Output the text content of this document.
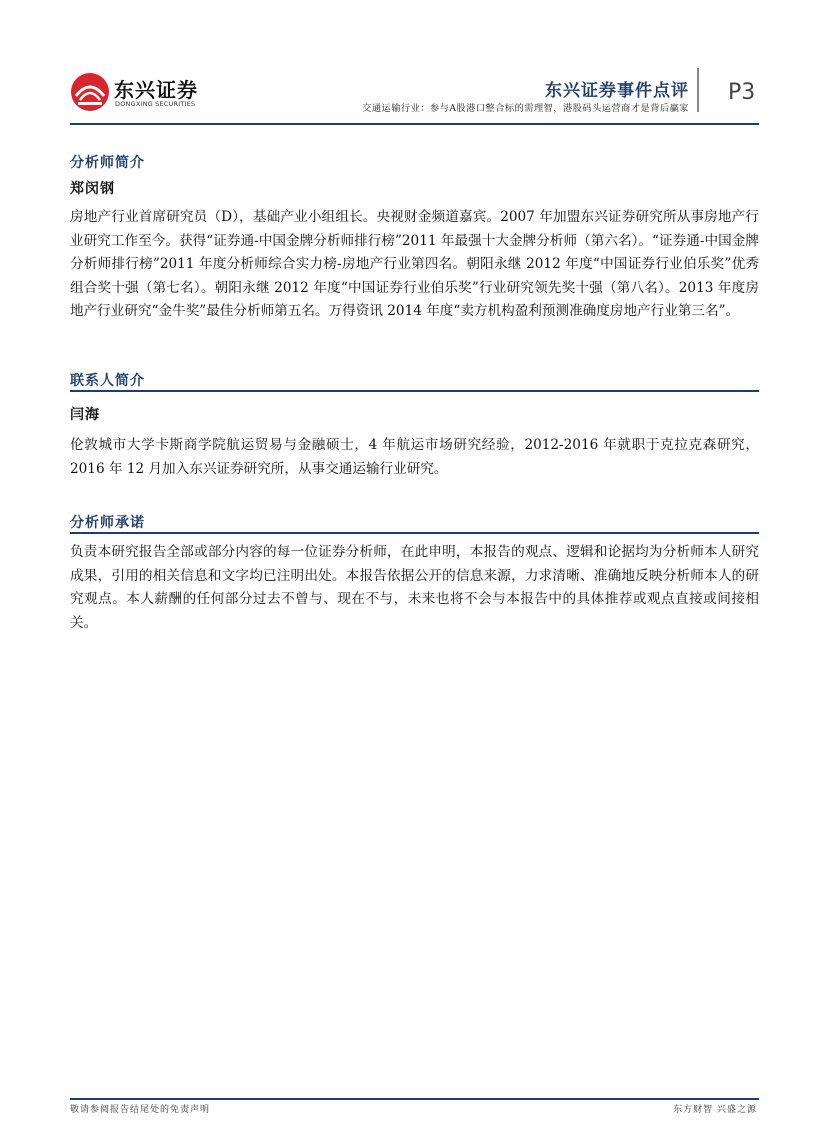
东兴证券
DONGXING SECURITIES
东兴证券事件点评
交通运输行业：参与A股港口整合标的需理智，港股码头运营商才是背后赢家
P3
分析师简介
郑闵钢
房地产行业首席研究员（D），基础产业小组组长。央视财金频道嘉宾。2007 年加盟东兴证券研究所从事房地产行业研究工作至今。获得“证券通-中国金牌分析师排行榜”2011 年最强十大金牌分析师（第六名）。“证券通-中国金牌分析师排行榜”2011 年度分析师综合实力榜-房地产行业第四名。朝阳永继 2012 年度“中国证券行业伯乐奖”优秀组合奖十强（第七名）。朝阳永继 2012 年度“中国证券行业伯乐奖”行业研究领先奖十强（第八名）。2013 年度房地产行业研究“金牛奖”最佳分析师第五名。万得资讯 2014 年度“卖方机构盈利预测准确度房地产行业第三名”。
联系人简介
闫海
伦敦城市大学卡斯商学院航运贸易与金融硕士，4 年航运市场研究经验，2012-2016 年就职于克拉克森研究，2016 年 12 月加入东兴证券研究所，从事交通运输行业研究。
分析师承诺
负责本研究报告全部或部分内容的每一位证券分析师，在此申明，本报告的观点、逻辑和论据均为分析师本人研究成果，引用的相关信息和文字均已注明出处。本报告依据公开的信息来源，力求清晰、准确地反映分析师本人的研究观点。本人薪酬的任何部分过去不曾与、现在不与，未来也将不会与本报告中的具体推荐或观点直接或间接相关。
敬请参阅报告结尾处的免责声明	东方财智 兴盛之源
